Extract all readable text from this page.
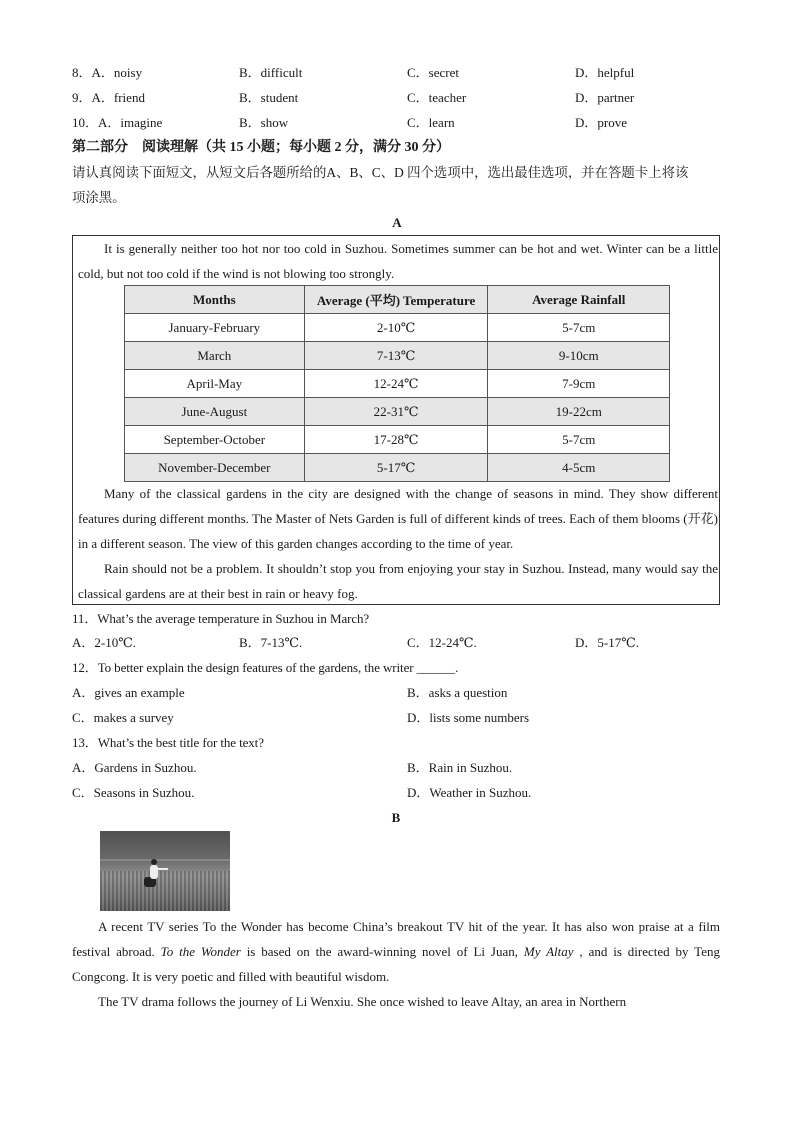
8．A．noisy	B．difficult	C．secret	D．helpful
9．A．friend	B．student	C．teacher	D．partner
10．A．imagine	B．show	C．learn	D．prove
第二部分　阅读理解（共 15 小题；每小题 2 分，满分 30 分）
请认真阅读下面短文，从短文后各题所给的A、B、C、D 四个选项中，选出最佳选项，并在答题卡上将该
项涂黑。
A
It is generally neither too hot nor too cold in Suzhou. Sometimes summer can be hot and wet. Winter can be a little cold, but not too cold if the wind is not blowing too strongly.
Months	Average (平均) Temperature	Average Rainfall
January-February	2-10℃	5-7cm
March	7-13℃	9-10cm
April-May	12-24℃	7-9cm
June-August	22-31℃	19-22cm
September-October	17-28℃	5-7cm
November-December	5-17℃	4-5cm
Many of the classical gardens in the city are designed with the change of seasons in mind. They show different features during different months. The Master of Nets Garden is full of different kinds of trees. Each of them blooms (开花) in a different season. The view of this garden changes according to the time of year.
Rain should not be a problem. It shouldn’t stop you from enjoying your stay in Suzhou. Instead, many would say the classical gardens are at their best in rain or heavy fog.
11．What’s the average temperature in Suzhou in March?
A．2-10℃.	B．7-13℃.	C．12-24℃.	D．5-17℃.
12．To better explain the design features of the gardens, the writer ______.
A．gives an example	B．asks a question
C．makes a survey	D．lists some numbers
13．What’s the best title for the text?
A．Gardens in Suzhou.	B．Rain in Suzhou.
C．Seasons in Suzhou.	D．Weather in Suzhou.
B
A recent TV series To the Wonder has become China’s breakout TV hit of the year. It has also won praise at a film festival abroad. To the Wonder is based on the award-winning novel of Li Juan, My Altay , and is directed by Teng Congcong. It is very poetic and filled with beautiful wisdom.
The TV drama follows the journey of Li Wenxiu. She once wished to leave Altay, an area in Northern
